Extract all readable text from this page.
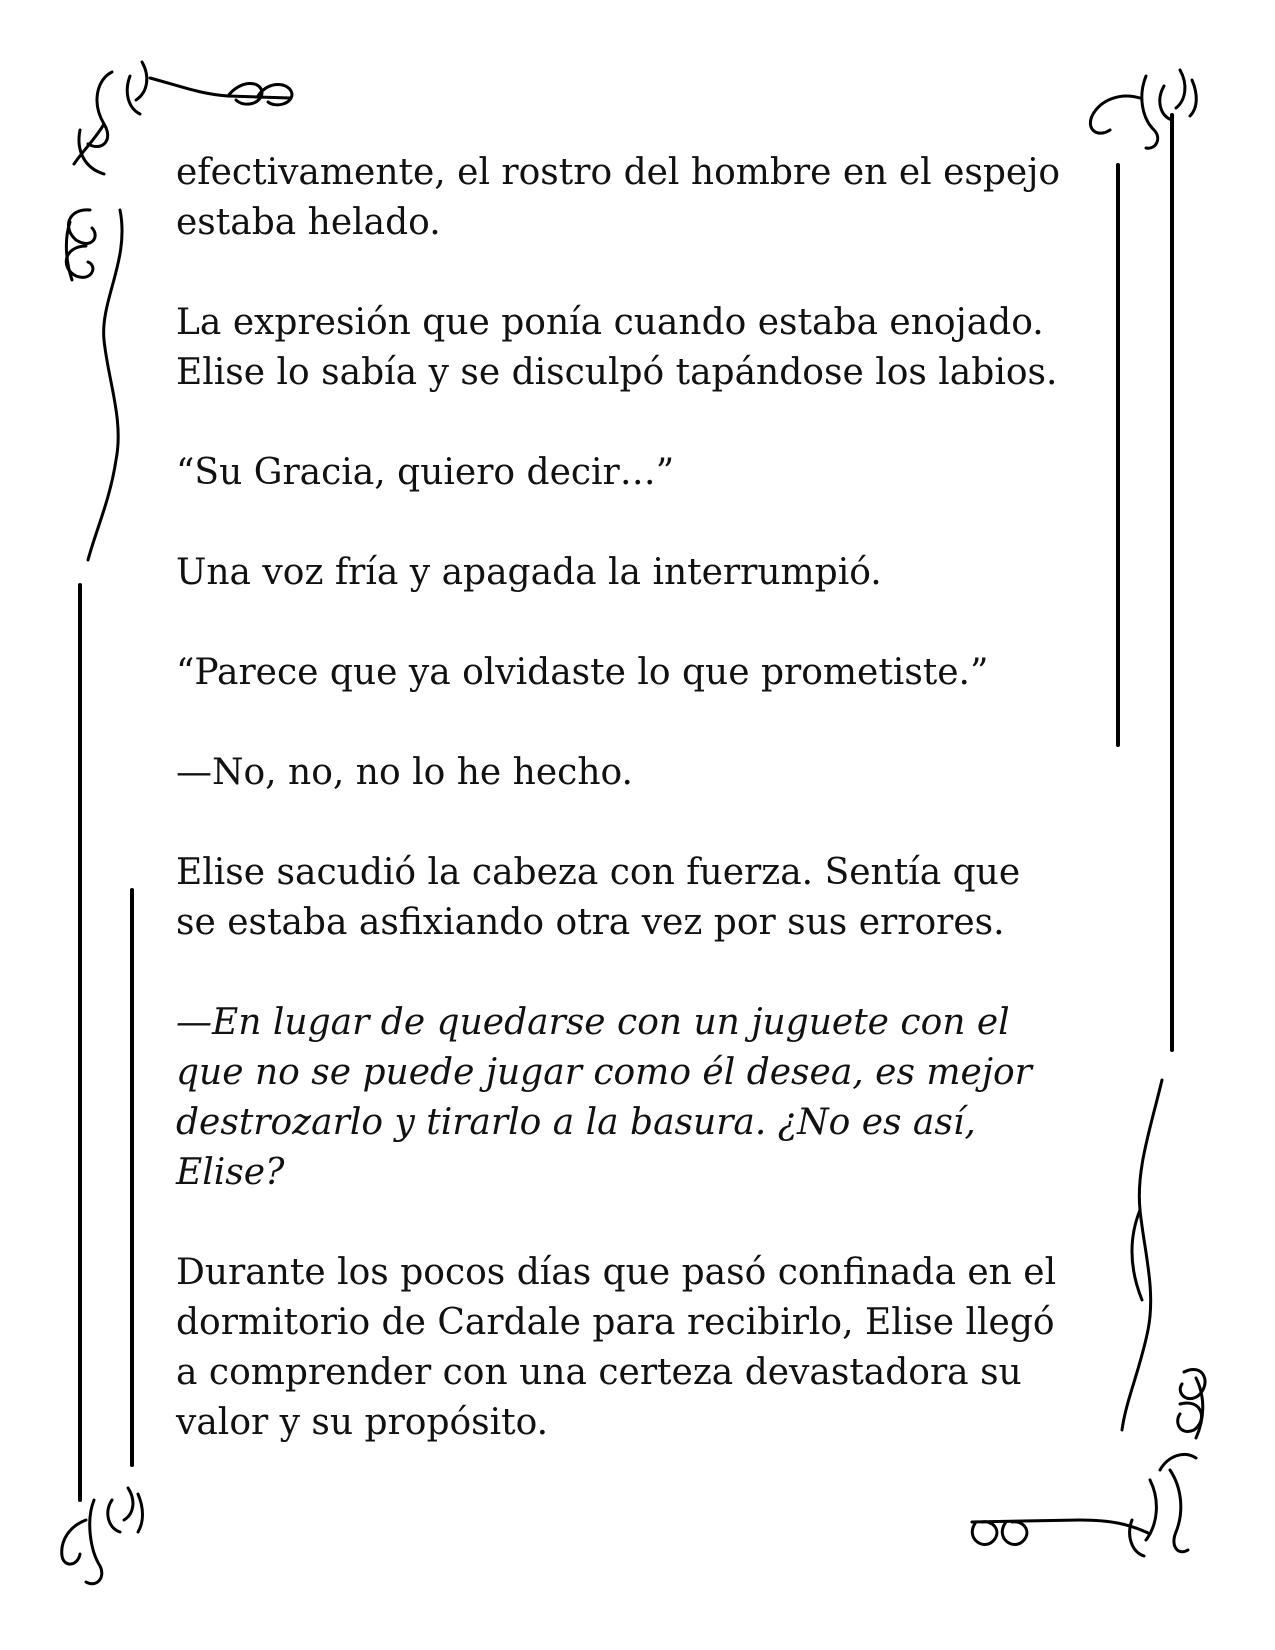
efectivamente, el rostro del hombre en el espejo
estaba helado.

La expresión que ponía cuando estaba enojado.
Elise lo sabía y se disculpó tapándose los labios.

“Su Gracia, quiero decir…”

Una voz fría y apagada la interrumpió.

“Parece que ya olvidaste lo que prometiste.”

—No, no, no lo he hecho.

Elise sacudió la cabeza con fuerza. Sentía que
se estaba asfixiando otra vez por sus errores.

—En lugar de quedarse con un juguete con el
que no se puede jugar como él desea, es mejor
destrozarlo y tirarlo a la basura. ¿No es así,
Elise?

Durante los pocos días que pasó confinada en el
dormitorio de Cardale para recibirlo, Elise llegó
a comprender con una certeza devastadora su
valor y su propósito.
